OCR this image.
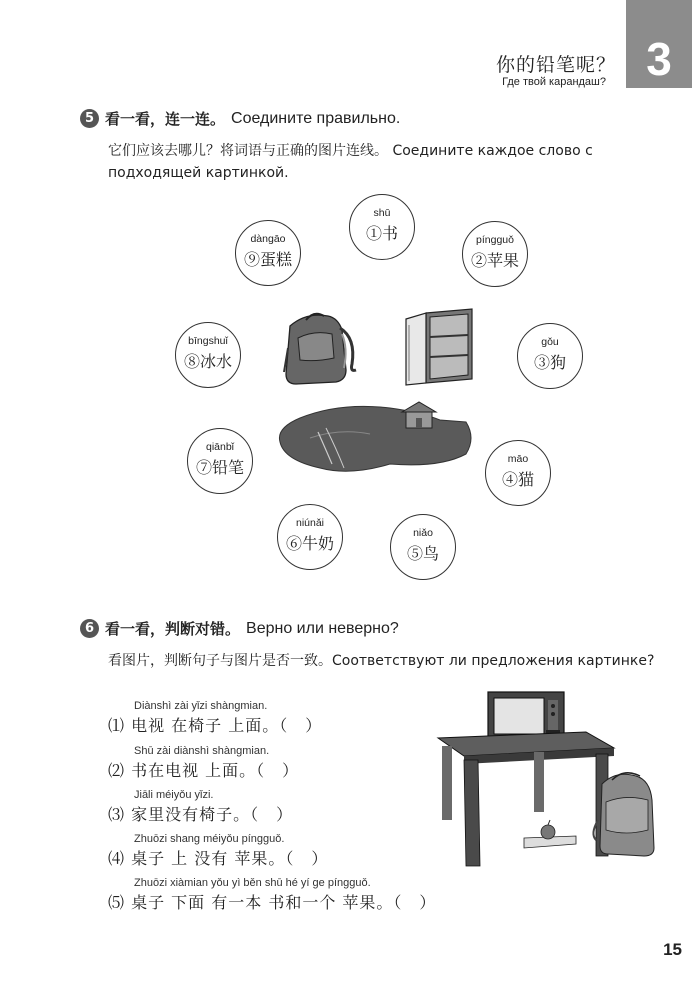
3
你的铅笔呢？
Где твой карандаш?
5 看一看，连一连。 Соедините правильно.
它们应该去哪儿？将词语与正确的图片连线。 Соедините каждое слово с
подходящей картинкой.
shū
①书	píngguǒ
②苹果
gǒu
③狗
māo
④猫
niǎo
⑤鸟
niúnǎi
⑥牛奶
qiānbǐ
⑦铅笔
bīngshuǐ
⑧冰水
dàngāo
⑨蛋糕
6 看一看，判断对错。 Верно или неверно?
看图片，判断句子与图片是否一致。Соответствуют ли предложения картинке?
Diànshì zài yǐzi shàngmian.
⑴ 电视 在椅子 上面。（　）
Shū zài diànshì shàngmian.
⑵ 书在电视 上面。（　）
Jiāli méiyǒu yǐzi.
⑶ 家里没有椅子。（　）
Zhuōzi shang méiyǒu píngguǒ.
⑷ 桌子 上 没有 苹果。（　）
Zhuōzi xiàmian yǒu yì běn shū hé yí ge píngguǒ.
⑸ 桌子 下面 有一本 书和一个 苹果。（　）
15
